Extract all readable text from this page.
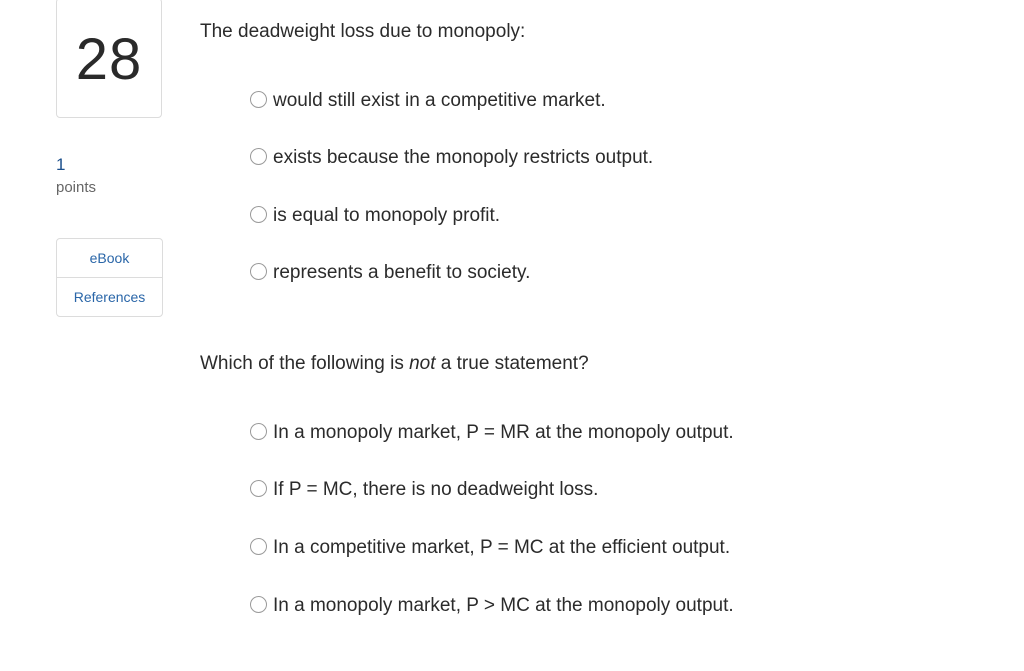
28
1
points
eBook
References
The deadweight loss due to monopoly:
would still exist in a competitive market.
exists because the monopoly restricts output.
is equal to monopoly profit.
represents a benefit to society.
Which of the following is not a true statement?
In a monopoly market, P = MR at the monopoly output.
If P = MC, there is no deadweight loss.
In a competitive market, P = MC at the efficient output.
In a monopoly market, P > MC at the monopoly output.
